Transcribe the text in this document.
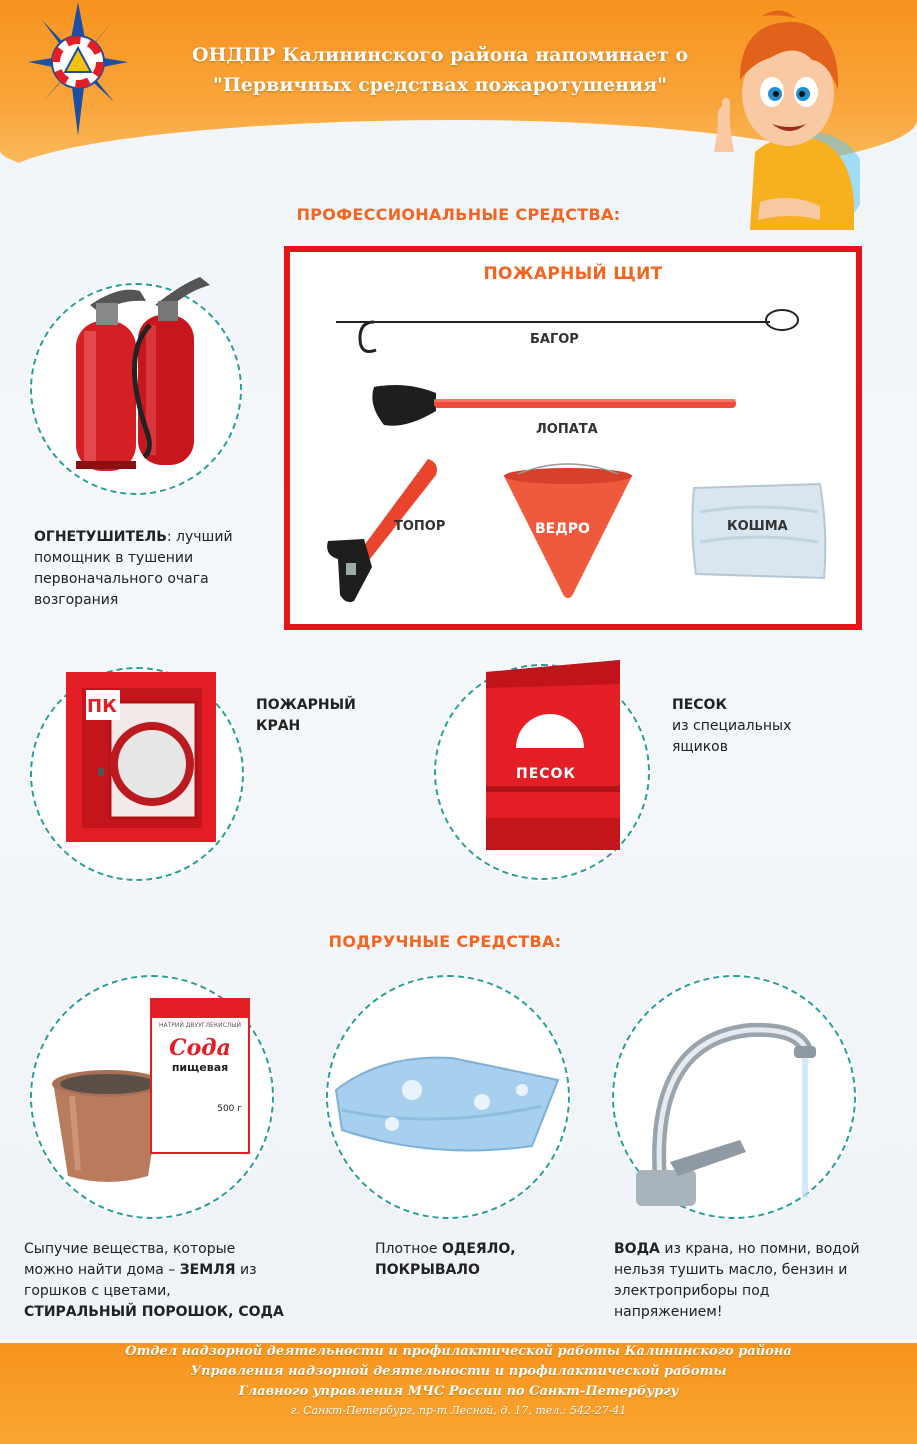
ОНДПР Калининского района напоминает о
"Первичных средствах пожаротушения"
ПРОФЕССИОНАЛЬНЫЕ СРЕДСТВА:
ОГНЕТУШИТЕЛЬ: лучший помощник в тушении первоначального очага возгорания
ПОЖАРНЫЙ ЩИТ
БАГОР
ЛОПАТА
ТОПОР	ВЕДРО	КОШМА
ПК	ПОЖАРНЫЙ
КРАН
ПЕСОК
ПЕСОК
из специальных
ящиков
ПОДРУЧНЫЕ СРЕДСТВА:
НАТРИЙ ДВУУГЛЕКИСЛЫЙ
Сода
пищевая
500 г
Сыпучие вещества, которые
можно найти дома – ЗЕМЛЯ из
горшков с цветами,
СТИРАЛЬНЫЙ ПОРОШОК, СОДА
Плотное ОДЕЯЛО,
ПОКРЫВАЛО
ВОДА из крана, но помни, водой
нельзя тушить масло, бензин и
электроприборы под
напряжением!
Отдел надзорной деятельности и профилактической работы Калининского района
Управления надзорной деятельности и профилактической работы
Главного управления МЧС России по Санкт-Петербургу
г. Санкт-Петербург, пр-т Лесной, д. 17, тел.: 542-27-41
